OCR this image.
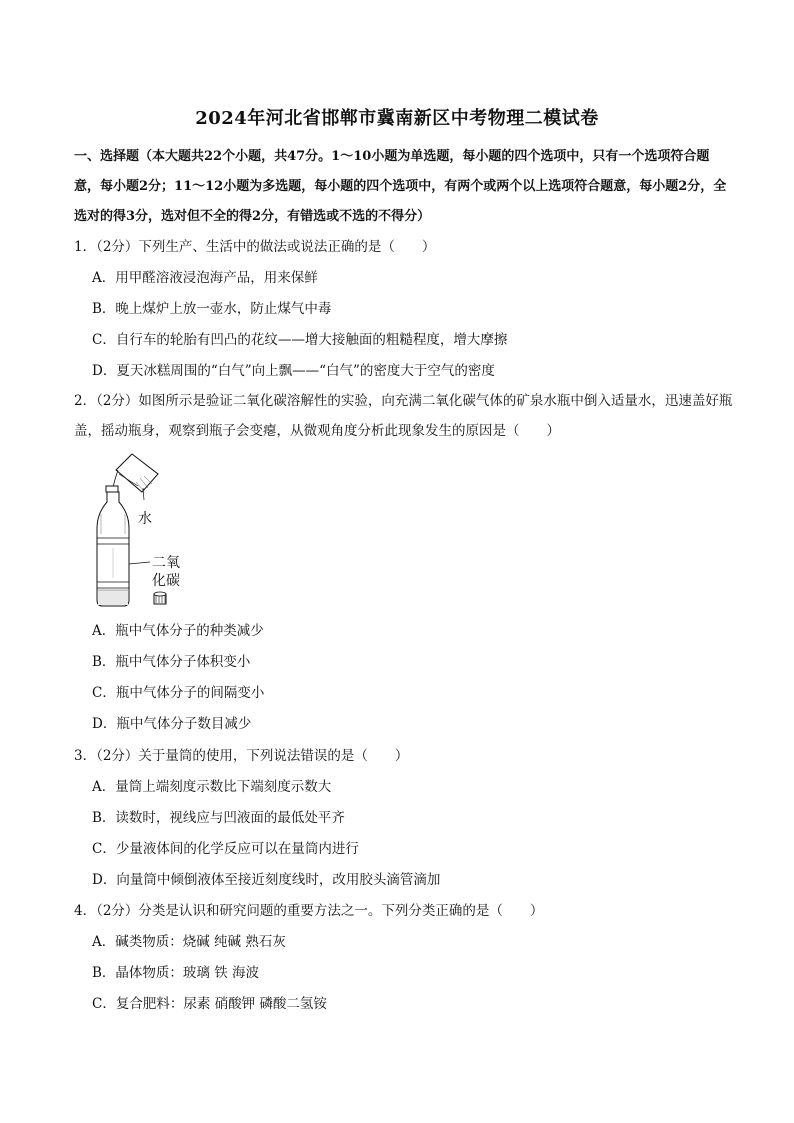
2024年河北省邯郸市冀南新区中考物理二模试卷
一、选择题（本大题共22个小题，共47分。1～10小题为单选题，每小题的四个选项中，只有一个选项符合题意，每小题2分；11～12小题为多选题，每小题的四个选项中，有两个或两个以上选项符合题意，每小题2分，全选对的得3分，选对但不全的得2分，有错选或不选的不得分）
1．（2分）下列生产、生活中的做法或说法正确的是（　　）
A．用甲醛溶液浸泡海产品，用来保鲜
B．晚上煤炉上放一壶水，防止煤气中毒
C．自行车的轮胎有凹凸的花纹——增大接触面的粗糙程度，增大摩擦
D．夏天冰糕周围的“白气”向上飘——“白气”的密度大于空气的密度
2．（2分）如图所示是验证二氧化碳溶解性的实验，向充满二氧化碳气体的矿泉水瓶中倒入适量水，迅速盖好瓶盖，摇动瓶身，观察到瓶子会变瘪，从微观角度分析此现象发生的原因是（　　）
水
二氧
化碳
A．瓶中气体分子的种类减少
B．瓶中气体分子体积变小
C．瓶中气体分子的间隔变小
D．瓶中气体分子数目减少
3．（2分）关于量筒的使用，下列说法错误的是（　　）
A．量筒上端刻度示数比下端刻度示数大
B．读数时，视线应与凹液面的最低处平齐
C．少量液体间的化学反应可以在量筒内进行
D．向量筒中倾倒液体至接近刻度线时，改用胶头滴管滴加
4．（2分）分类是认识和研究问题的重要方法之一。下列分类正确的是（　　）
A．碱类物质：烧碱 纯碱 熟石灰
B．晶体物质：玻璃 铁 海波
C．复合肥料：尿素 硝酸钾 磷酸二氢铵
